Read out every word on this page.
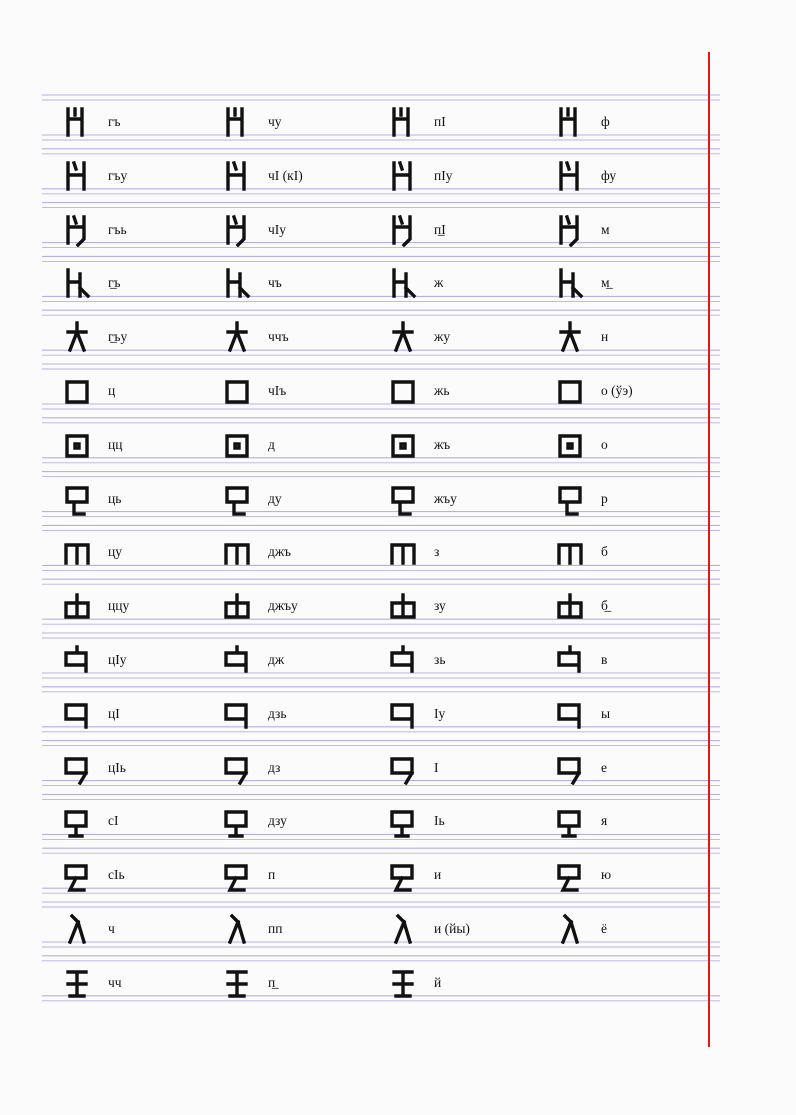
гъ
гъу
гъь
г̲ъ
г̲ъу
ц
цц
ць
цу
ццу
цIу
цI
цIь
сI
сIь
ч
чч
чу
чI (кI)
чIу
чъ
ччъ
чIъ
д
ду
джъ
джъу
дж
дзь
дз
дзу
п
пп
п̲
пI
пIу
п̲I
ж
жу
жь
жъ
жъу
з
зу
зь
Iу
I
Iь
и
и (йы)
й
ф
фу
м
м̲
н
о (ўэ)
о
р
б
б̲
в
ы
е
я
ю
ё
